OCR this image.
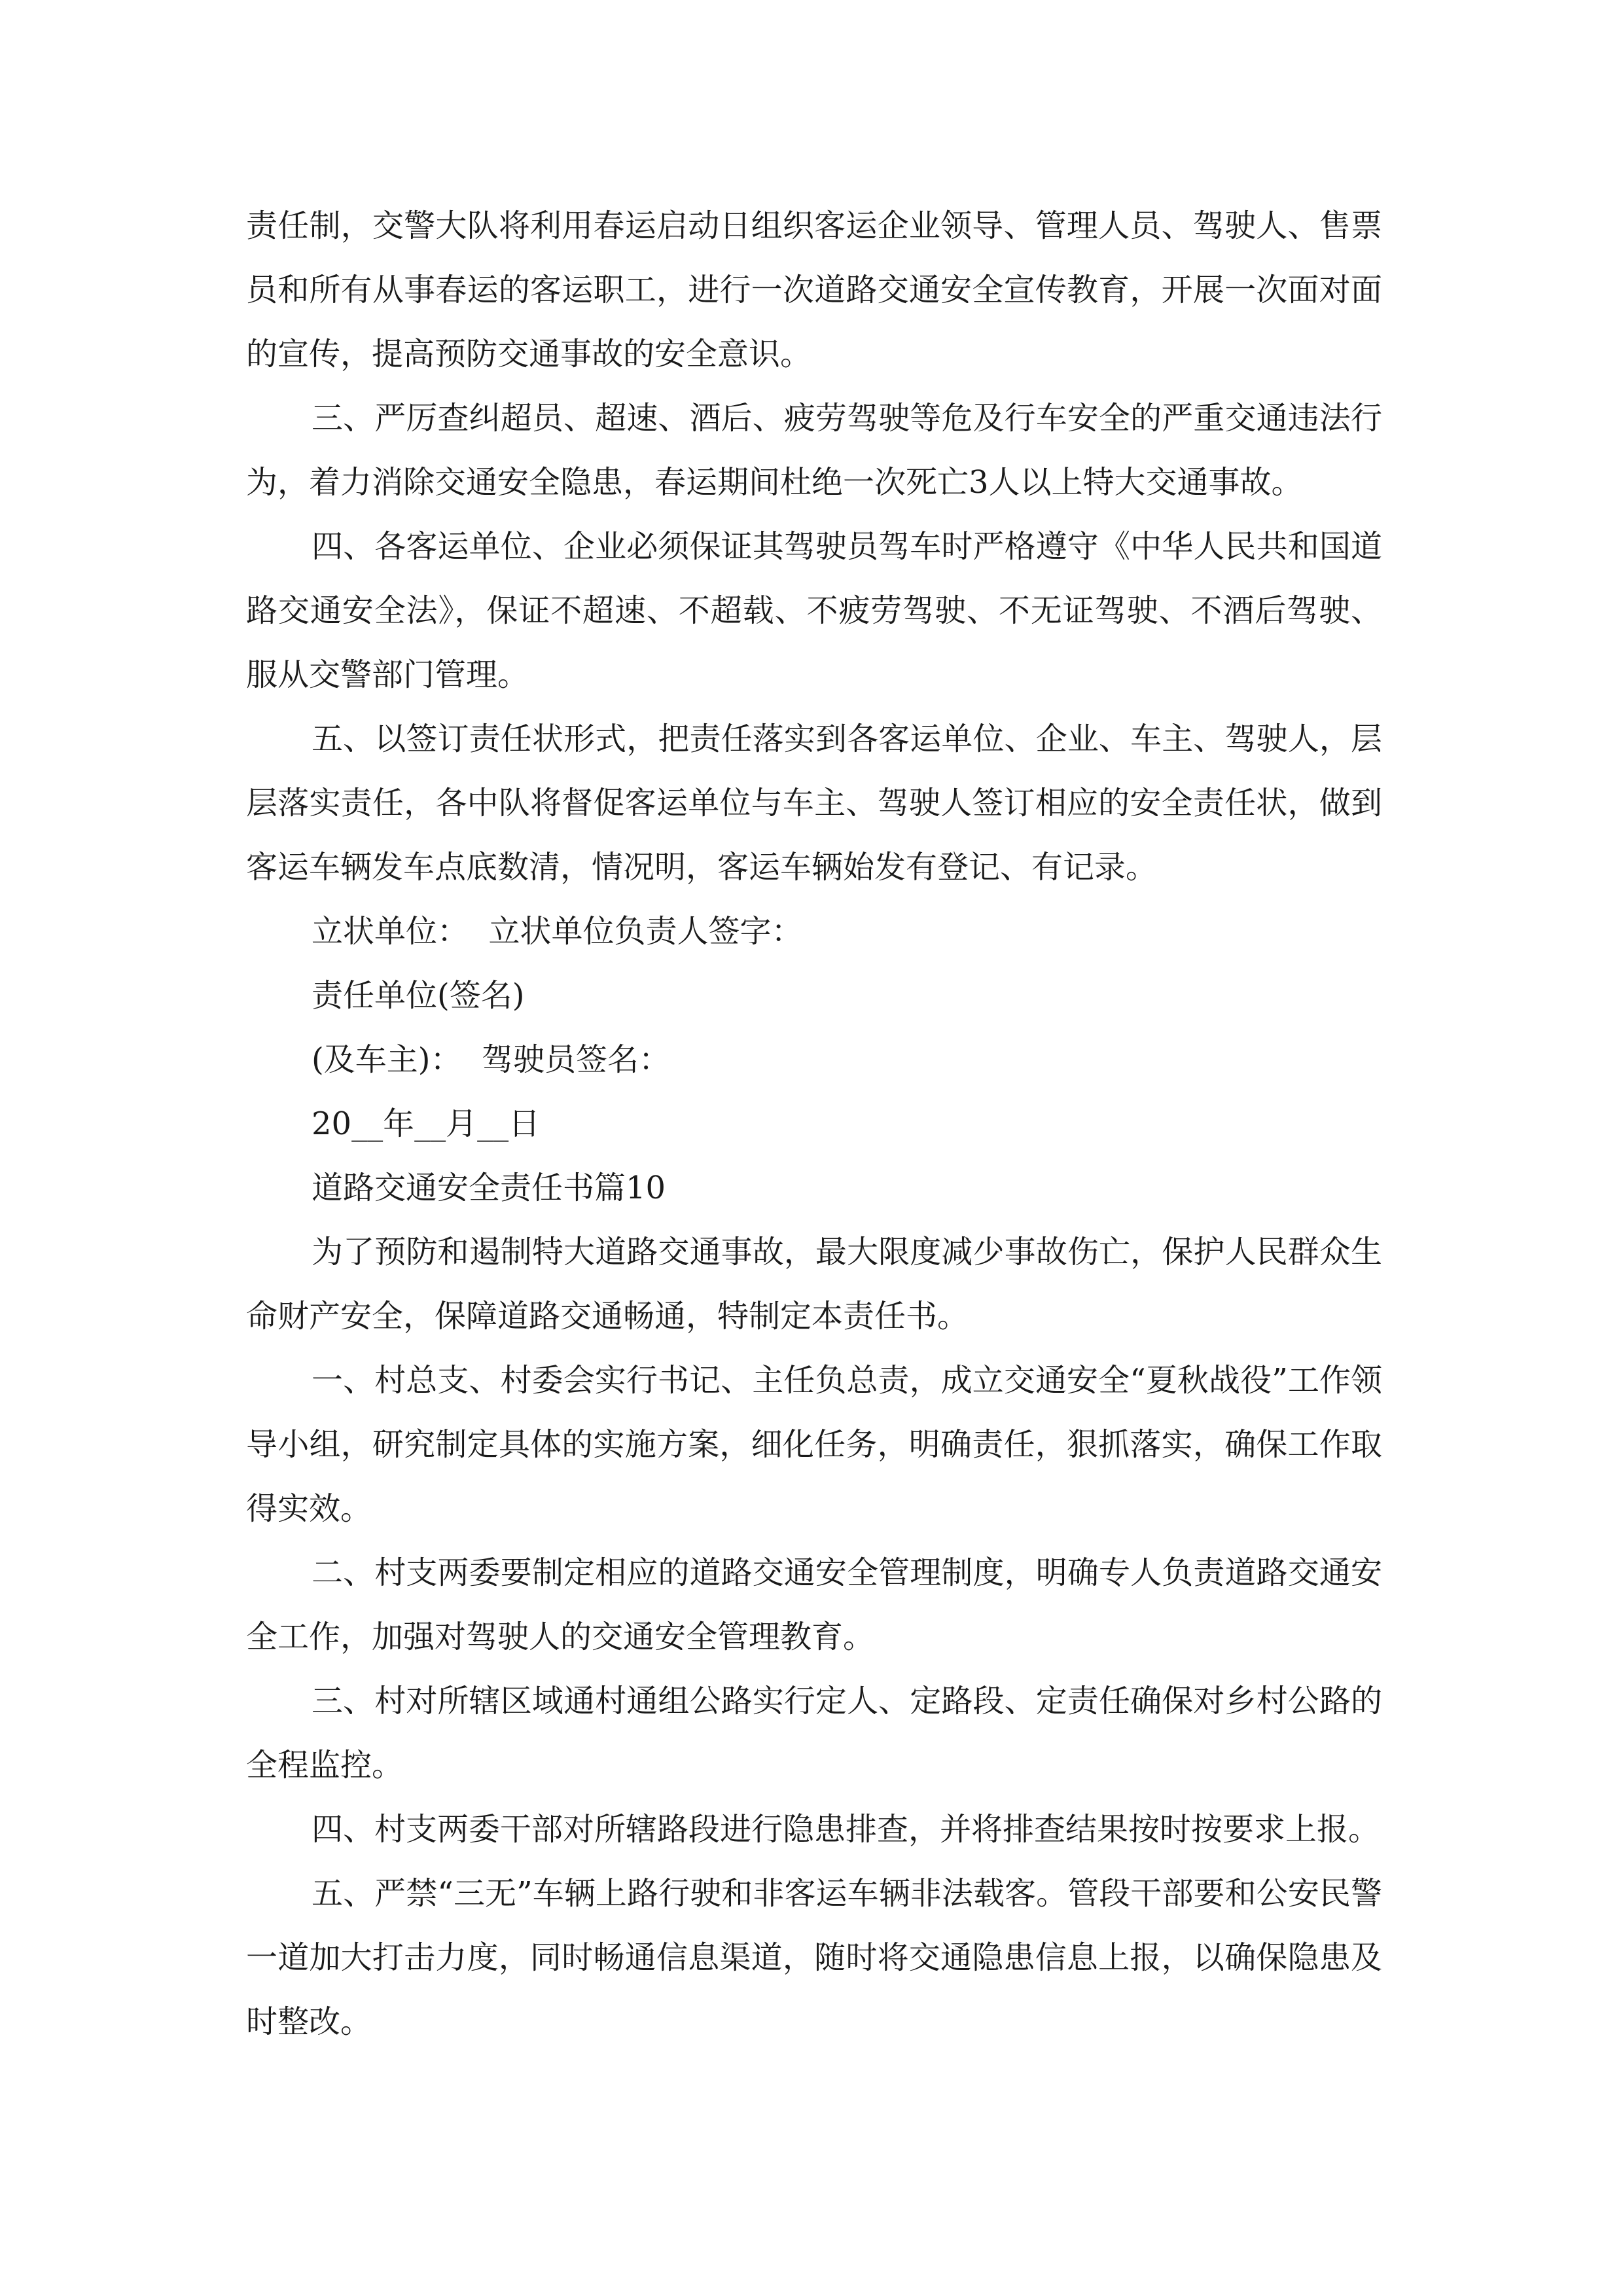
责任制，交警大队将利用春运启动日组织客运企业领导、管理人员、驾驶人、售票员和所有从事春运的客运职工，进行一次道路交通安全宣传教育，开展一次面对面的宣传，提高预防交通事故的安全意识。

三、严厉查纠超员、超速、酒后、疲劳驾驶等危及行车安全的严重交通违法行为，着力消除交通安全隐患，春运期间杜绝一次死亡3人以上特大交通事故。

四、各客运单位、企业必须保证其驾驶员驾车时严格遵守《中华人民共和国道路交通安全法》，保证不超速、不超载、不疲劳驾驶、不无证驾驶、不酒后驾驶、服从交警部门管理。

五、以签订责任状形式，把责任落实到各客运单位、企业、车主、驾驶人，层层落实责任，各中队将督促客运单位与车主、驾驶人签订相应的安全责任状，做到客运车辆发车点底数清，情况明，客运车辆始发有登记、有记录。

立状单位：  立状单位负责人签字：

责任单位(签名)

(及车主)：  驾驶员签名：

20__年__月__日

道路交通安全责任书篇10

为了预防和遏制特大道路交通事故，最大限度减少事故伤亡，保护人民群众生命财产安全，保障道路交通畅通，特制定本责任书。

一、村总支、村委会实行书记、主任负总责，成立交通安全“夏秋战役”工作领导小组，研究制定具体的实施方案，细化任务，明确责任，狠抓落实，确保工作取得实效。

二、村支两委要制定相应的道路交通安全管理制度，明确专人负责道路交通安全工作，加强对驾驶人的交通安全管理教育。

三、村对所辖区域通村通组公路实行定人、定路段、定责任确保对乡村公路的全程监控。

四、村支两委干部对所辖路段进行隐患排查，并将排查结果按时按要求上报。

五、严禁“三无”车辆上路行驶和非客运车辆非法载客。管段干部要和公安民警一道加大打击力度，同时畅通信息渠道，随时将交通隐患信息上报，以确保隐患及时整改。
